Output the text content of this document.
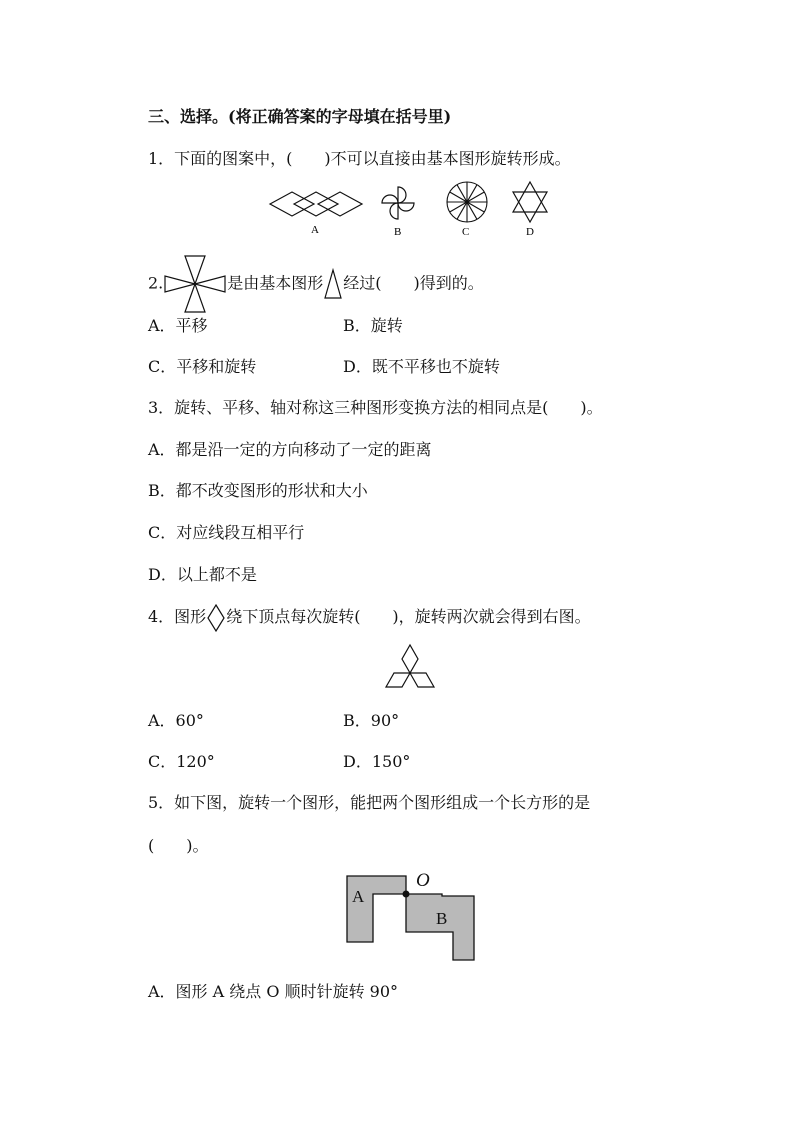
三、选择。(将正确答案的字母填在括号里)
1．下面的图案中，(　　)不可以直接由基本图形旋转形成。
A	B	C	D
2.	是由基本图形 经过(　　)得到的。
A．平移	B．旋转
C．平移和旋转	D．既不平移也不旋转
3．旋转、平移、轴对称这三种图形变换方法的相同点是(　　)。
A．都是沿一定的方向移动了一定的距离
B．都不改变图形的形状和大小
C．对应线段互相平行
D．以上都不是
4．图形 绕下顶点每次旋转(　　)，旋转两次就会得到右图。
A．60°	B．90°
C．120°	D．150°
5．如下图，旋转一个图形，能把两个图形组成一个长方形的是
(　　)。
A
B
O
A．图形 A 绕点 O 顺时针旋转 90°
